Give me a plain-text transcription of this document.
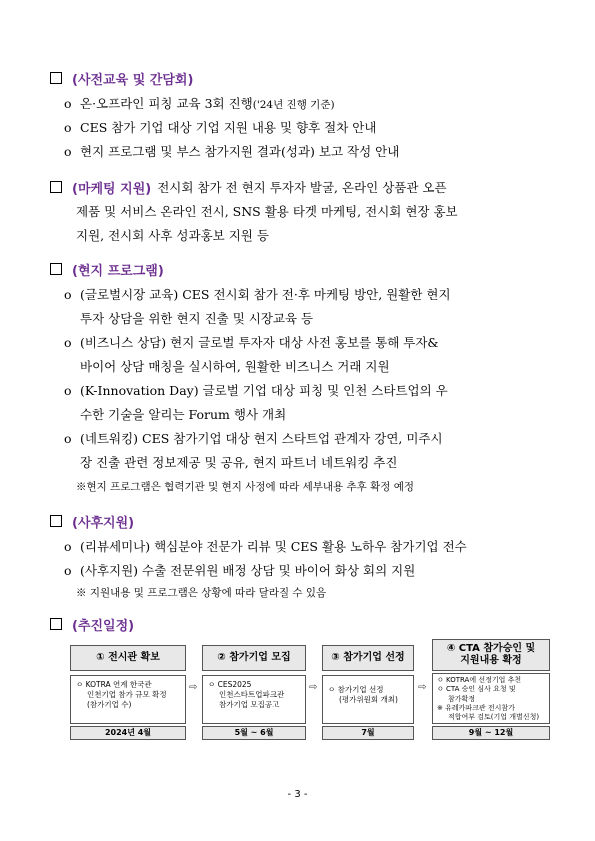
(사전교육 및 간담회)
o 온·오프라인 피칭 교육 3회 진행('24년 진행 기준)
o CES 참가 기업 대상 기업 지원 내용 및 향후 절차 안내
o 현지 프로그램 및 부스 참가지원 결과(성과) 보고 작성 안내
(마케팅 지원) 전시회 참가 전 현지 투자자 발굴, 온라인 상품관 오픈
제품 및 서비스 온라인 전시, SNS 활용 타겟 마케팅, 전시회 현장 홍보
지원, 전시회 사후 성과홍보 지원 등
(현지 프로그램)
o (글로벌시장 교육) CES 전시회 참가 전·후 마케팅 방안, 원활한 현지
투자 상담을 위한 현지 진출 및 시장교육 등
o (비즈니스 상담) 현지 글로벌 투자자 대상 사전 홍보를 통해 투자&
바이어 상담 매칭을 실시하여, 원활한 비즈니스 거래 지원
o (K-Innovation Day) 글로벌 기업 대상 피칭 및 인천 스타트업의 우
수한 기술을 알리는 Forum 행사 개최
o (네트워킹) CES 참가기업 대상 현지 스타트업 관계자 강연, 미주시
장 진출 관련 정보제공 및 공유, 현지 파트너 네트워킹 추진
※현지 프로그램은 협력기관 및 현지 사정에 따라 세부내용 추후 확정 예정
(사후지원)
o (리뷰세미나) 핵심분야 전문가 리뷰 및 CES 활용 노하우 참가기업 전수
o (사후지원) 수출 전문위원 배정 상담 및 바이어 화상 회의 지원
※ 지원내용 및 프로그램은 상황에 따라 달라질 수 있음
(추진일정)
① 전시관 확보
ㅇ KOTRA 연계 한국관
인천기업 참가 규모 확정
(참가기업 수)
2024년 4월
⇨
② 참가기업 모집
ㅇ CES2025
인천스타트업파크관
참가기업 모집공고
5월 ~ 6월
⇨
③ 참가기업 선정
ㅇ 참가기업 선정
(평가위원회 개최)
7월
⇨
④ CTA 참가승인 및
지원내용 확정
ㅇ KOTRA에 선정기업 추천
ㅇ CTA 승인 심사 요청 및
참가확정
※ 유레카파크관 전시참가
적합여부 검토(기업 개별신청)
9월 ~ 12월
- 3 -
